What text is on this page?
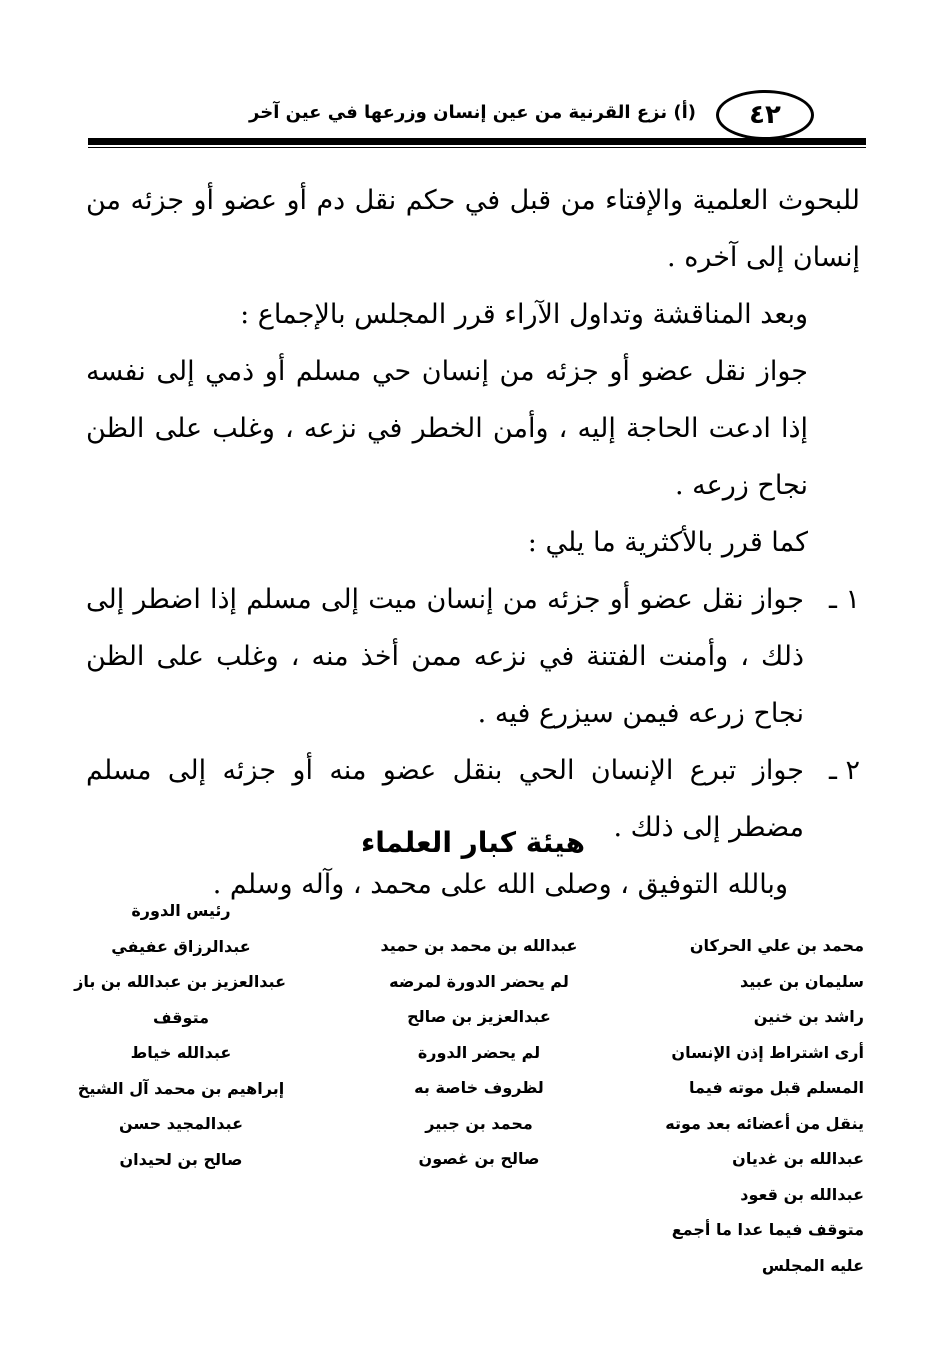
٤٢
(أ) نزع القرنية من عين إنسان وزرعها في عين آخر

للبحوث العلمية والإفتاء من قبل في حكم نقل دم أو عضو أو جزئه من إنسان إلى آخره .

وبعد المناقشة وتداول الآراء قرر المجلس بالإجماع :

جواز نقل عضو أو جزئه من إنسان حي مسلم أو ذمي إلى نفسه إذا ادعت الحاجة إليه ، وأمن الخطر في نزعه ، وغلب على الظن نجاح زرعه .

كما قرر بالأكثرية ما يلي :

١ ـ
جواز نقل عضو أو جزئه من إنسان ميت إلى مسلم إذا اضطر إلى ذلك ، وأمنت الفتنة في نزعه ممن أخذ منه ، وغلب على الظن نجاح زرعه فيمن سيزرع فيه .
٢ ـ
جواز تبرع الإنسان الحي بنقل عضو منه أو جزئه إلى مسلم مضطر إلى ذلك .

وبالله التوفيق ، وصلى الله على محمد ، وآله وسلم .

هيئة كبار العلماء
محمد بن علي الحركان
سليمان بن عبيد
راشد بن خنين
أرى اشتراط إذن الإنسان
المسلم قبل موته فيما
ينقل من أعضائه بعد موته
عبدالله بن غديان
عبدالله بن قعود
متوقف فيما عدا ما أجمع
عليه المجلس
عبدالله بن محمد بن حميد
لم يحضر الدورة لمرضه
عبدالعزيز بن صالح
لم يحضر الدورة
لظروف خاصة به
محمد بن جبير
صالح بن غصون
رئيس الدورة
عبدالرزاق عفيفي
عبدالعزيز بن عبدالله بن باز
متوقف
عبدالله خياط
إبراهيم بن محمد آل الشيخ
عبدالمجيد حسن
صالح بن لحيدان
